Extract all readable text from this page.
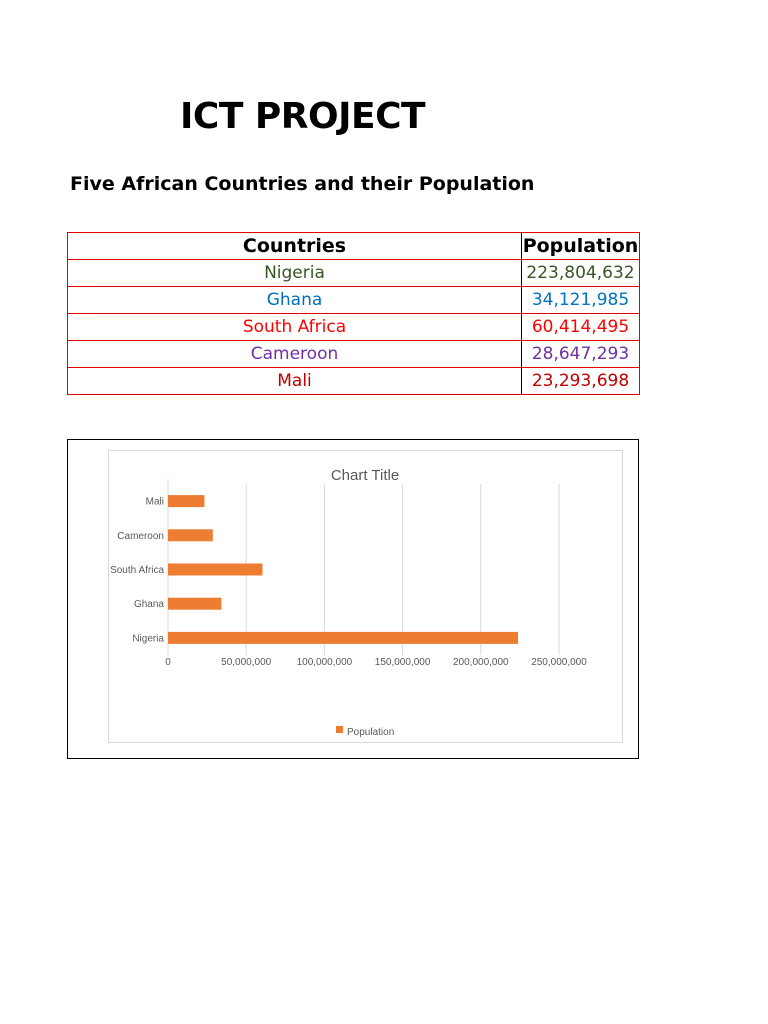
ICT PROJECT
Five African Countries and their Population
Countries	Population
Nigeria	223,804,632
Ghana	34,121,985
South Africa	60,414,495
Cameroon	28,647,293
Mali	23,293,698
Chart Title
0	50,000,000	100,000,000 150,000,000 200,000,000 250,000,000
Nigeria
Ghana
South Africa
Cameroon
Mali
Population
